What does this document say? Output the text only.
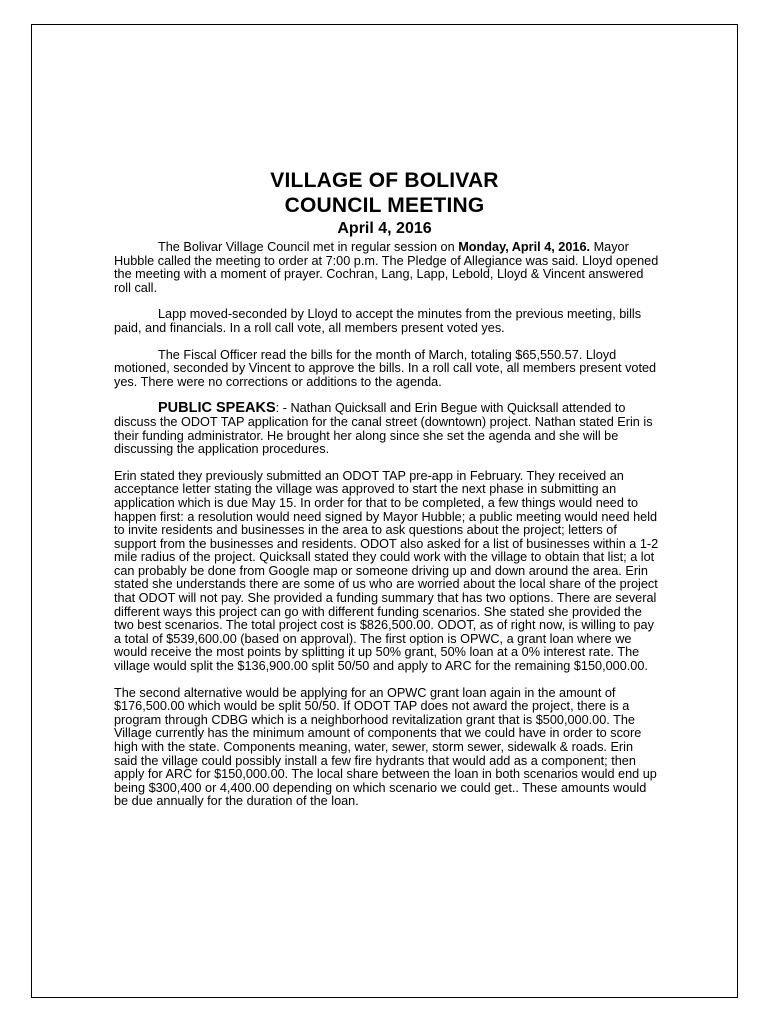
VILLAGE OF BOLIVAR
COUNCIL MEETING
April 4, 2016

The Bolivar Village Council met in regular session on Monday, April 4, 2016. Mayor Hubble called the meeting to order at 7:00 p.m. The Pledge of Allegiance was said. Lloyd opened the meeting with a moment of prayer. Cochran, Lang, Lapp, Lebold, Lloyd & Vincent answered roll call.

Lapp moved-seconded by Lloyd to accept the minutes from the previous meeting, bills paid, and financials. In a roll call vote, all members present voted yes.

The Fiscal Officer read the bills for the month of March, totaling $65,550.57. Lloyd motioned, seconded by Vincent to approve the bills. In a roll call vote, all members present voted yes. There were no corrections or additions to the agenda.

PUBLIC SPEAKS: - Nathan Quicksall and Erin Begue with Quicksall attended to discuss the ODOT TAP application for the canal street (downtown) project. Nathan stated Erin is their funding administrator. He brought her along since she set the agenda and she will be discussing the application procedures.

Erin stated they previously submitted an ODOT TAP pre-app in February. They received an acceptance letter stating the village was approved to start the next phase in submitting an application which is due May 15. In order for that to be completed, a few things would need to happen first: a resolution would need signed by Mayor Hubble; a public meeting would need held to invite residents and businesses in the area to ask questions about the project; letters of support from the businesses and residents. ODOT also asked for a list of businesses within a 1-2 mile radius of the project. Quicksall stated they could work with the village to obtain that list; a lot can probably be done from Google map or someone driving up and down around the area. Erin stated she understands there are some of us who are worried about the local share of the project that ODOT will not pay. She provided a funding summary that has two options. There are several different ways this project can go with different funding scenarios. She stated she provided the two best scenarios. The total project cost is $826,500.00. ODOT, as of right now, is willing to pay a total of $539,600.00 (based on approval). The first option is OPWC, a grant loan where we would receive the most points by splitting it up 50% grant, 50% loan at a 0% interest rate. The village would split the $136,900.00 split 50/50 and apply to ARC for the remaining $150,000.00.

The second alternative would be applying for an OPWC grant loan again in the amount of $176,500.00 which would be split 50/50. If ODOT TAP does not award the project, there is a program through CDBG which is a neighborhood revitalization grant that is $500,000.00. The Village currently has the minimum amount of components that we could have in order to score high with the state. Components meaning, water, sewer, storm sewer, sidewalk & roads. Erin said the village could possibly install a few fire hydrants that would add as a component; then apply for ARC for $150,000.00. The local share between the loan in both scenarios would end up being $300,400 or 4,400.00 depending on which scenario we could get.. These amounts would be due annually for the duration of the loan.
